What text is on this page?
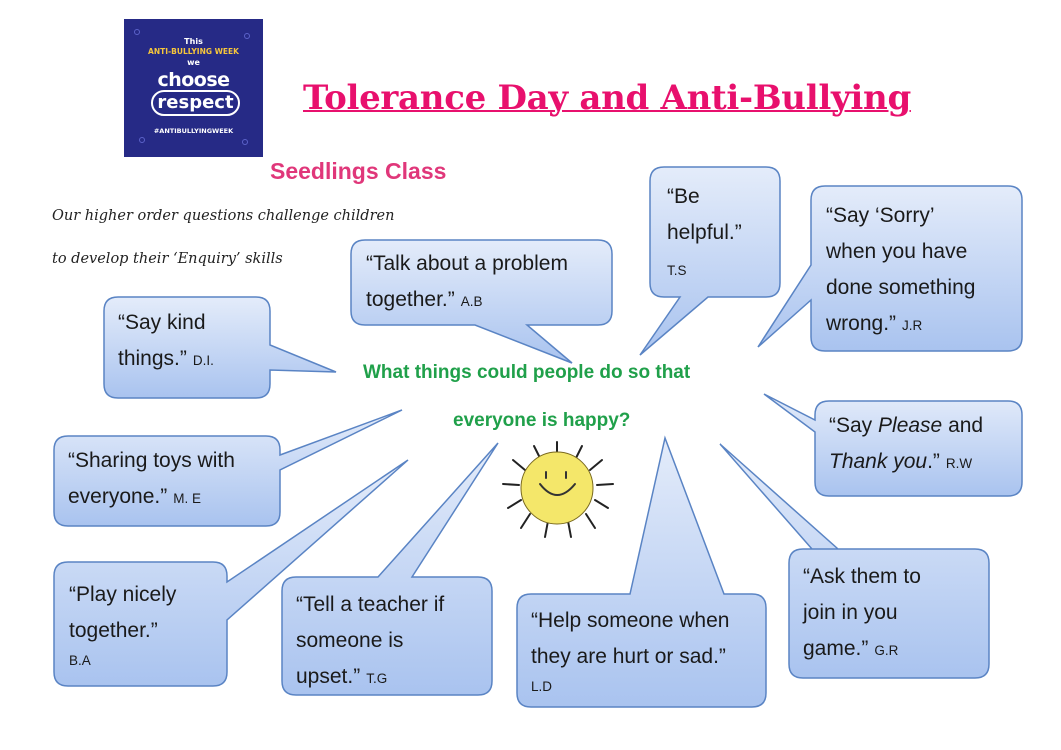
This
ANTI-BULLYING WEEK
we
choose
respect
#ANTIBULLYINGWEEK
Tolerance Day and Anti-Bullying
Seedlings Class
Our higher order questions challenge children
to develop their ‘Enquiry’ skills
What things could people do so that
everyone is happy?
“Say kind
things.” D.I.
“Talk about a problem
together.” A.B
“Be
helpful.”
T.S
“Say ‘Sorry’
when you have
done something
wrong.” J.R
“Sharing toys with
everyone.” M. E
“Say Please and
Thank you.” R.W
“Play nicely
together.”
B.A
“Tell a teacher if
someone is
upset.” T.G
“Help someone when
they are hurt or sad.”
L.D
“Ask them to
join in you
game.” G.R
